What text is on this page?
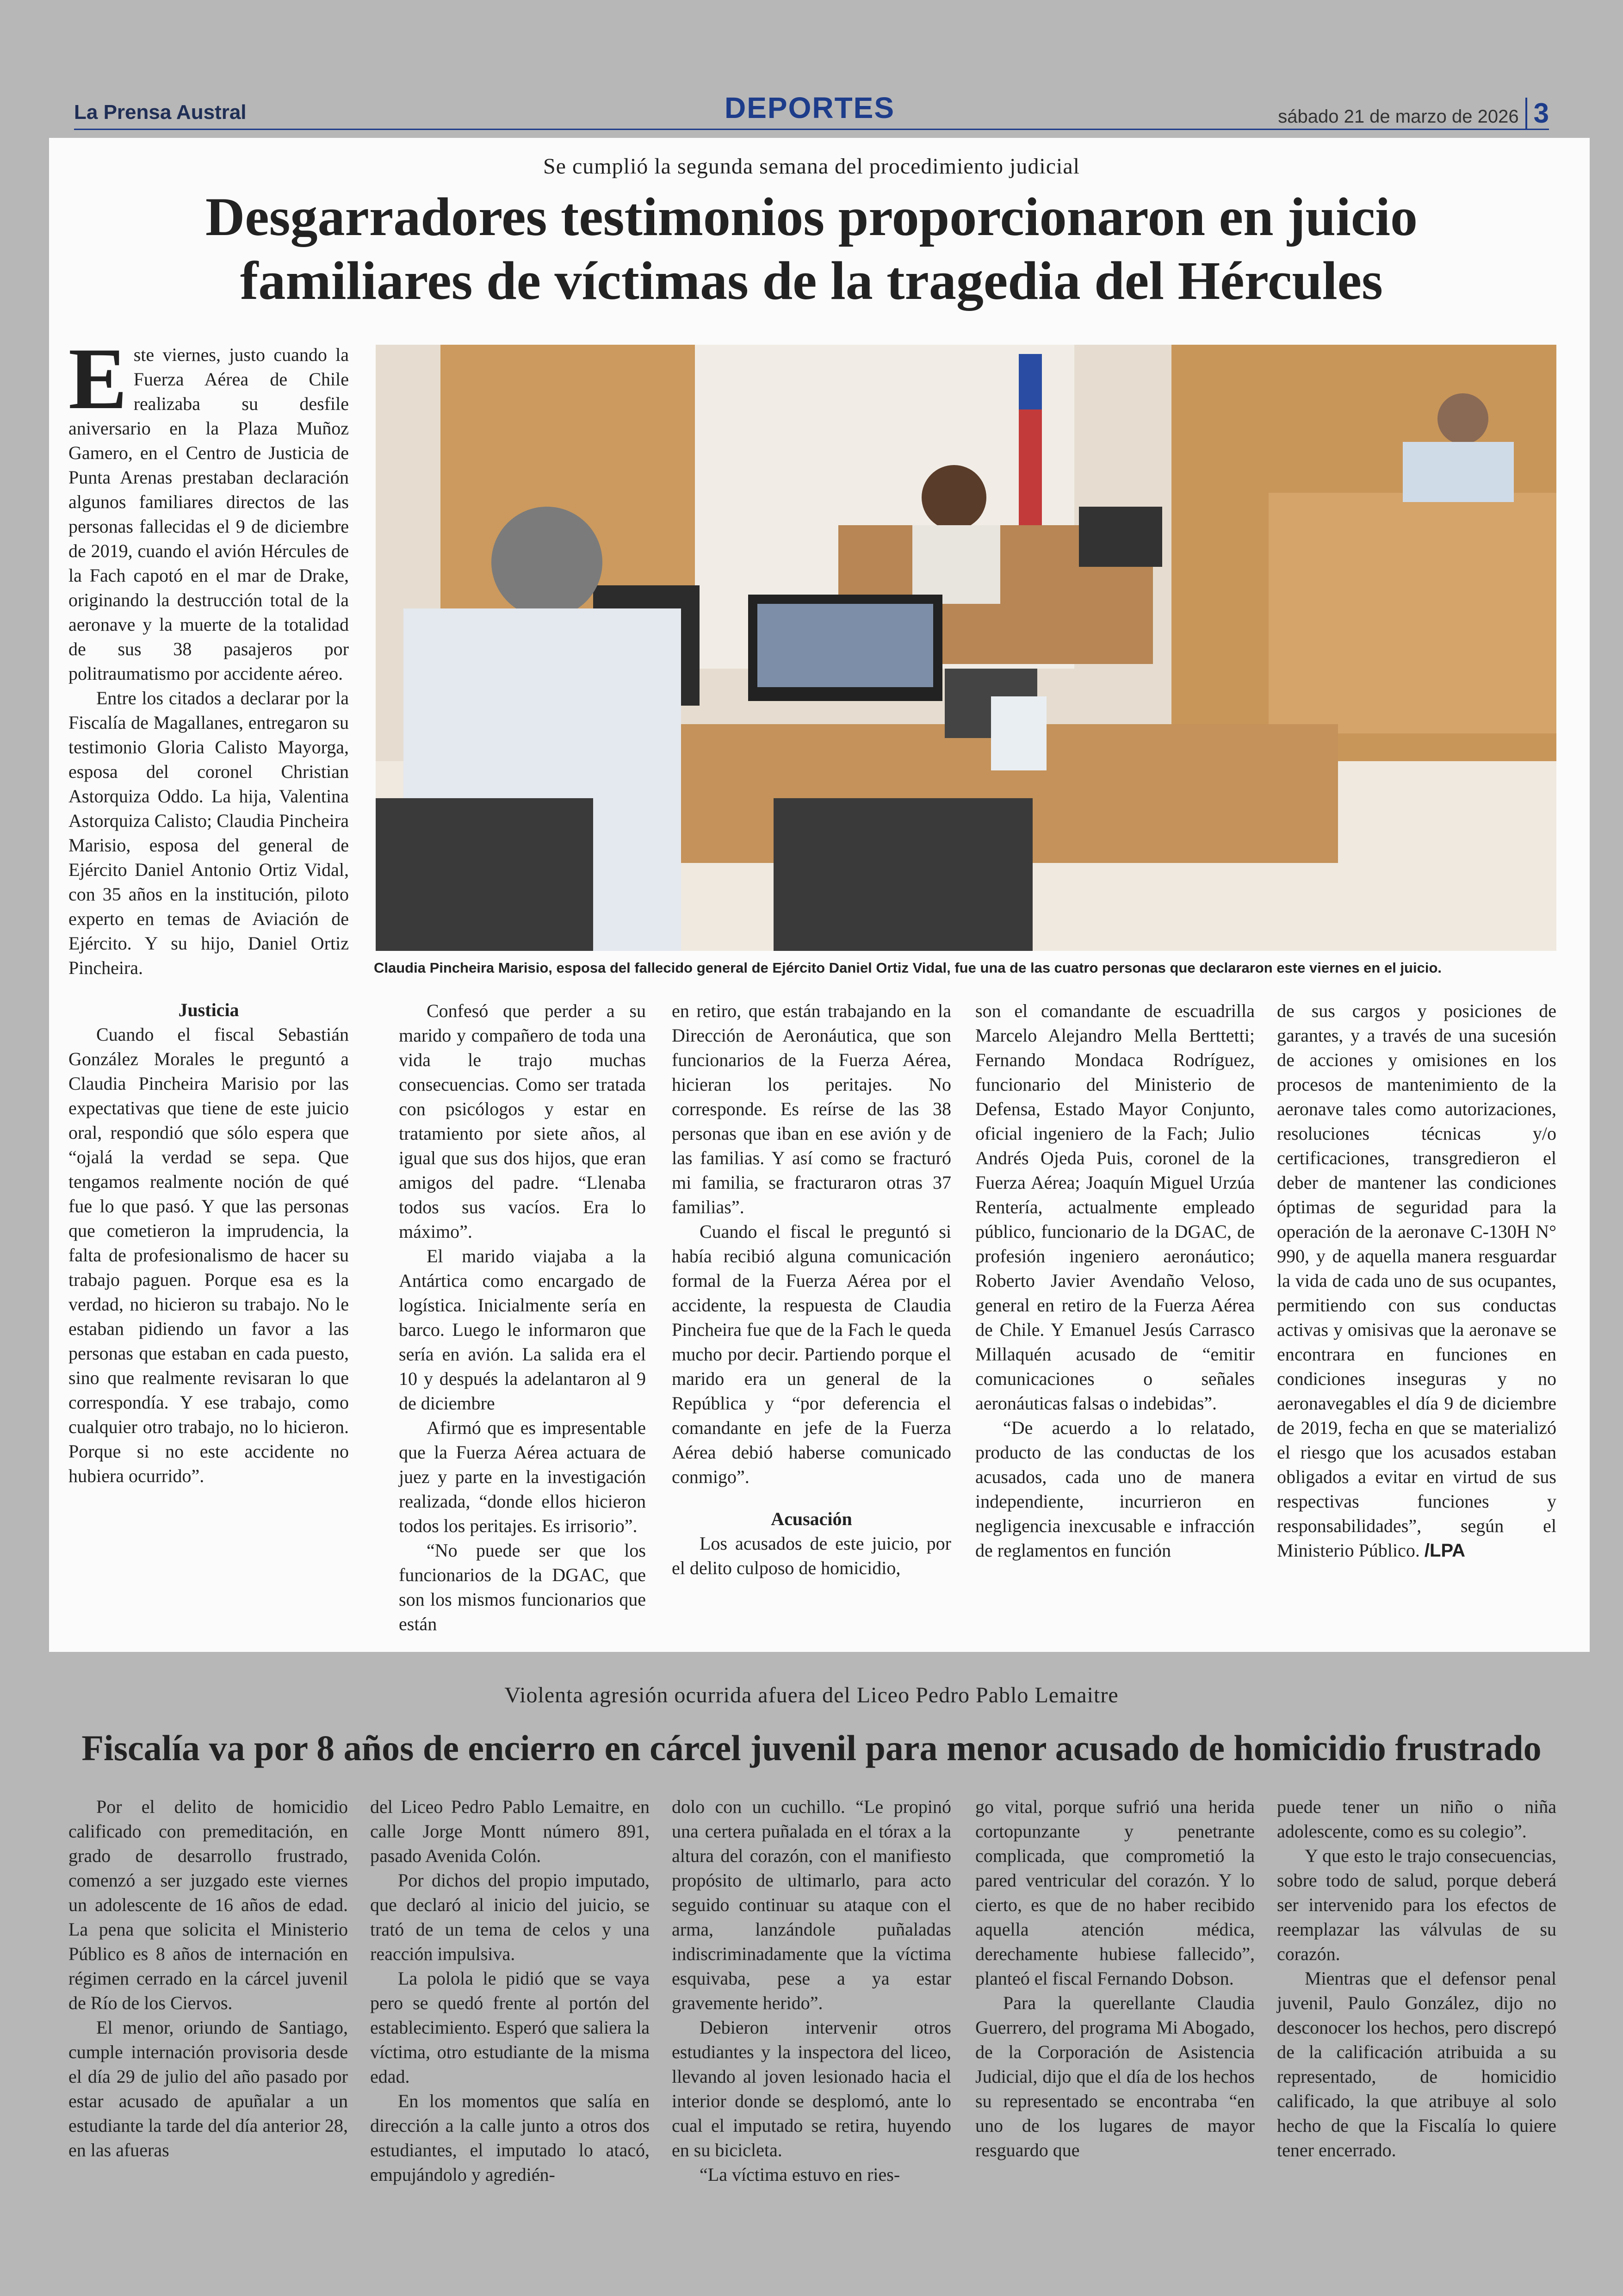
La Prensa Austral	DEPORTES	sábado 21 de marzo de 2026 3
Se cumplió la segunda semana del procedimiento judicial
Desgarradores testimonios proporcionaron en juicio
familiares de víctimas de la tragedia del Hércules

Este viernes, justo cuando la Fuerza Aérea de Chile realizaba su desfile aniversario en la Plaza Muñoz Gamero, en el Centro de Justicia de Punta Arenas prestaban declaración algunos familiares directos de las personas fallecidas el 9 de diciembre de 2019, cuando el avión Hércules de la Fach capotó en el mar de Drake, originando la destrucción total de la aeronave y la muerte de la totalidad de sus 38 pasajeros por politraumatismo por accidente aéreo.

Entre los citados a declarar por la Fiscalía de Magallanes, entregaron su testimonio Gloria Calisto Mayorga, esposa del coronel Christian Astorquiza Oddo. La hija, Valentina Astorquiza Calisto; Claudia Pincheira Marisio, esposa del general de Ejército Daniel Antonio Ortiz Vidal, con 35 años en la institución, piloto experto en temas de Aviación de Ejército. Y su hijo, Daniel Ortiz Pincheira.

Justicia

Cuando el fiscal Sebastián González Morales le preguntó a Claudia Pincheira Marisio por las expectativas que tiene de este juicio oral, respondió que sólo espera que “ojalá la verdad se sepa. Que tengamos realmente noción de qué fue lo que pasó. Y que las personas que cometieron la imprudencia, la falta de profesionalismo de hacer su trabajo paguen. Porque esa es la verdad, no hicieron su trabajo. No le estaban pidiendo un favor a las personas que estaban en cada puesto, sino que realmente revisaran lo que correspondía. Y ese trabajo, como cualquier otro trabajo, no lo hicieron. Porque si no este accidente no hubiera ocurrido”.

Claudia Pincheira Marisio, esposa del fallecido general de Ejército Daniel Ortiz Vidal, fue una de las cuatro personas que declararon este viernes en el juicio.

Confesó que perder a su marido y compañero de toda una vida le trajo muchas consecuencias. Como ser tratada con psicólogos y estar en tratamiento por siete años, al igual que sus dos hijos, que eran amigos del padre. “Llenaba todos sus vacíos. Era lo máximo”.

El marido viajaba a la Antártica como encargado de logística. Inicialmente sería en barco. Luego le informaron que sería en avión. La salida era el 10 y después la adelantaron al 9 de diciembre

Afirmó que es impresentable que la Fuerza Aérea actuara de juez y parte en la investigación realizada, “donde ellos hicieron todos los peritajes. Es irrisorio”.

“No puede ser que los funcionarios de la DGAC, que son los mismos funcionarios que están

en retiro, que están trabajando en la Dirección de Aeronáutica, que son funcionarios de la Fuerza Aérea, hicieran los peritajes. No corresponde. Es reírse de las 38 personas que iban en ese avión y de las familias. Y así como se fracturó mi familia, se fracturaron otras 37 familias”.

Cuando el fiscal le preguntó si había recibió alguna comunicación formal de la Fuerza Aérea por el accidente, la respuesta de Claudia Pincheira fue que de la Fach le queda mucho por decir. Partiendo porque el marido era un general de la República y “por deferencia el comandante en jefe de la Fuerza Aérea debió haberse comunicado conmigo”.

Acusación

Los acusados de este juicio, por el delito culposo de homicidio,

son el comandante de escuadrilla Marcelo Alejandro Mella Berttetti; Fernando Mondaca Rodríguez, funcionario del Ministerio de Defensa, Estado Mayor Conjunto, oficial ingeniero de la Fach; Julio Andrés Ojeda Puis, coronel de la Fuerza Aérea; Joaquín Miguel Urzúa Rentería, actualmente empleado público, funcionario de la DGAC, de profesión ingeniero aeronáutico; Roberto Javier Avendaño Veloso, general en retiro de la Fuerza Aérea de Chile. Y Emanuel Jesús Carrasco Millaquén acusado de “emitir comunicaciones o señales aeronáuticas falsas o indebidas”.

“De acuerdo a lo relatado, producto de las conductas de los acusados, cada uno de manera independiente, incurrieron en negligencia inexcusable e infracción de reglamentos en función

de sus cargos y posiciones de garantes, y a través de una sucesión de acciones y omisiones en los procesos de mantenimiento de la aeronave tales como autorizaciones, resoluciones técnicas y/o certificaciones, transgredieron el deber de mantener las condiciones óptimas de seguridad para la operación de la aeronave C-130H N° 990, y de aquella manera resguardar la vida de cada uno de sus ocupantes, permitiendo con sus conductas activas y omisivas que la aeronave se encontrara en funciones en condiciones inseguras y no aeronavegables el día 9 de diciembre de 2019, fecha en que se materializó el riesgo que los acusados estaban obligados a evitar en virtud de sus respectivas funciones y responsabilidades”, según el Ministerio Público. /LPA

Violenta agresión ocurrida afuera del Liceo Pedro Pablo Lemaitre
Fiscalía va por 8 años de encierro en cárcel juvenil para menor acusado de homicidio frustrado

Por el delito de homicidio calificado con premeditación, en grado de desarrollo frustrado, comenzó a ser juzgado este viernes un adolescente de 16 años de edad. La pena que solicita el Ministerio Público es 8 años de internación en régimen cerrado en la cárcel juvenil de Río de los Ciervos.

El menor, oriundo de Santiago, cumple internación provisoria desde el día 29 de julio del año pasado por estar acusado de apuñalar a un estudiante la tarde del día anterior 28, en las afueras

del Liceo Pedro Pablo Lemaitre, en calle Jorge Montt número 891, pasado Avenida Colón.

Por dichos del propio imputado, que declaró al inicio del juicio, se trató de un tema de celos y una reacción impulsiva.

La polola le pidió que se vaya pero se quedó frente al portón del establecimiento. Esperó que saliera la víctima, otro estudiante de la misma edad.

En los momentos que salía en dirección a la calle junto a otros dos estudiantes, el imputado lo atacó, empujándolo y agredién-

dolo con un cuchillo. “Le propinó una certera puñalada en el tórax a la altura del corazón, con el manifiesto propósito de ultimarlo, para acto seguido continuar su ataque con el arma, lanzándole puñaladas indiscriminadamente que la víctima esquivaba, pese a ya estar gravemente herido”.

Debieron intervenir otros estudiantes y la inspectora del liceo, llevando al joven lesionado hacia el interior donde se desplomó, ante lo cual el imputado se retira, huyendo en su bicicleta.

“La víctima estuvo en ries-

go vital, porque sufrió una herida cortopunzante y penetrante complicada, que comprometió la pared ventricular del corazón. Y lo cierto, es que de no haber recibido aquella atención médica, derechamente hubiese fallecido”, planteó el fiscal Fernando Dobson.

Para la querellante Claudia Guerrero, del programa Mi Abogado, de la Corporación de Asistencia Judicial, dijo que el día de los hechos su representado se encontraba “en uno de los lugares de mayor resguardo que

puede tener un niño o niña adolescente, como es su colegio”.

Y que esto le trajo consecuencias, sobre todo de salud, porque deberá ser intervenido para los efectos de reemplazar las válvulas de su corazón.

Mientras que el defensor penal juvenil, Paulo González, dijo no desconocer los hechos, pero discrepó de la calificación atribuida a su representado, de homicidio calificado, la que atribuye al solo hecho de que la Fiscalía lo quiere tener encerrado.
